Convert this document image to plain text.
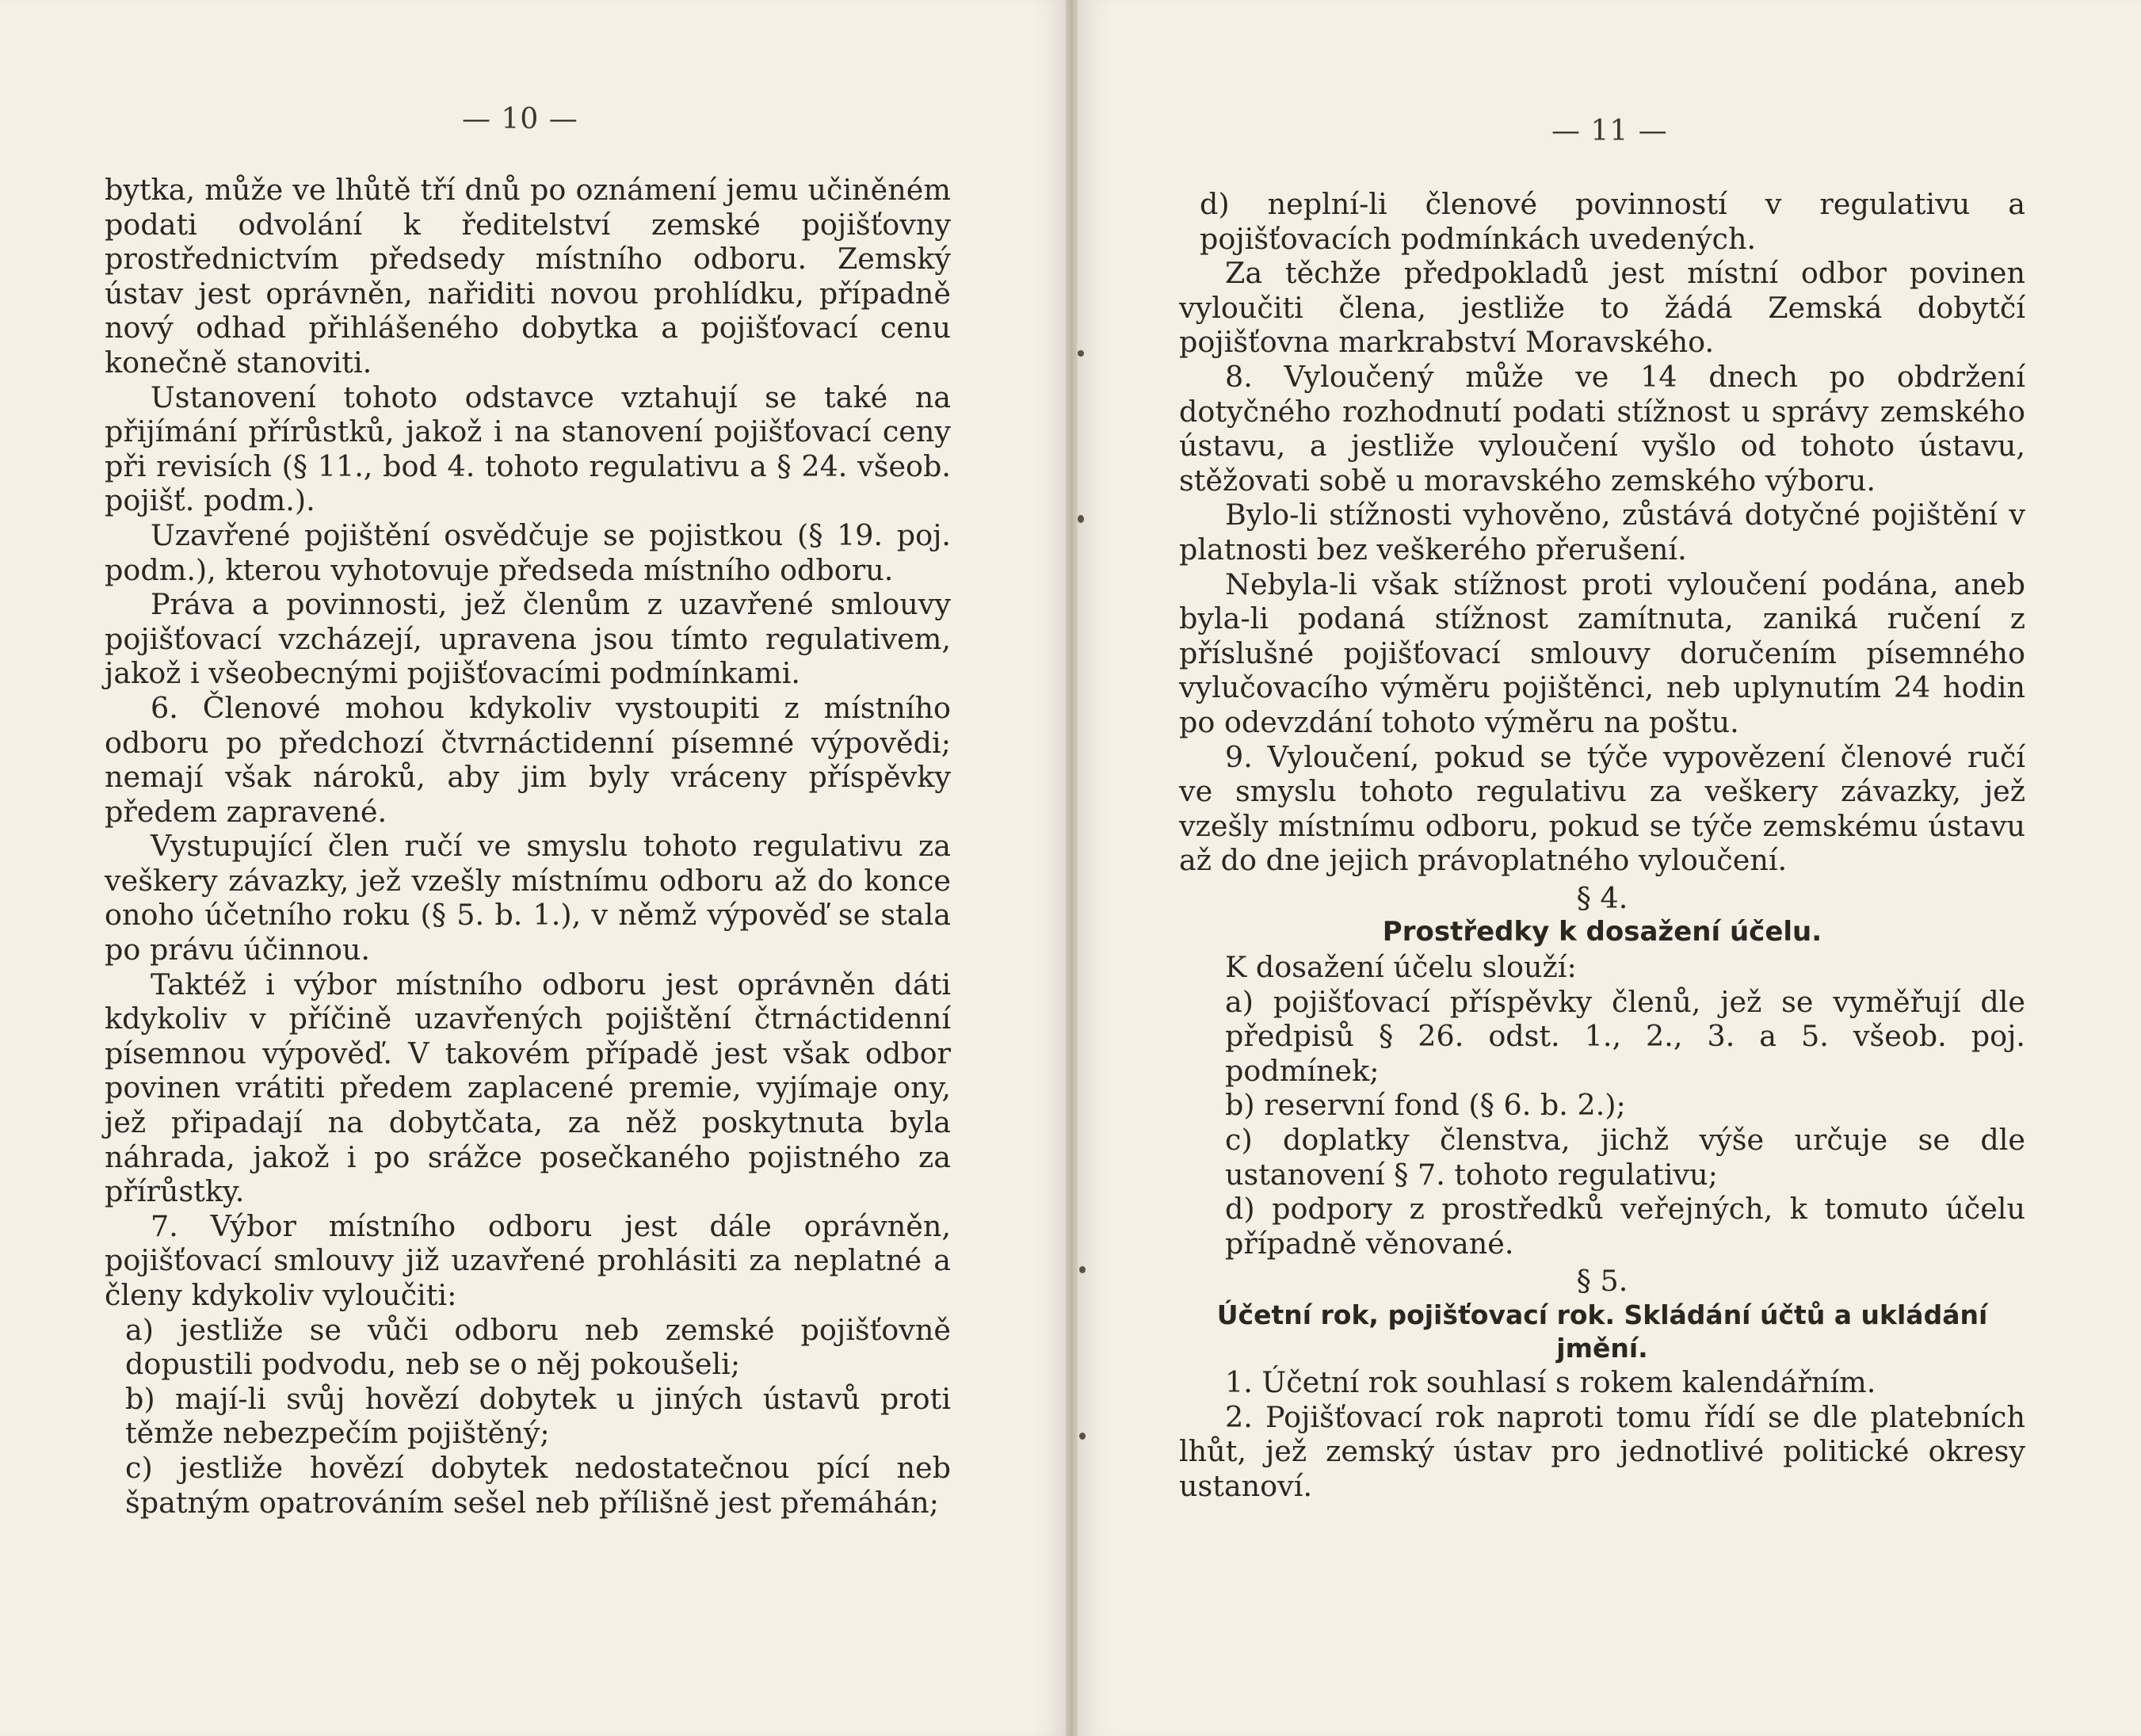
— 10 —

bytka, může ve lhůtě tří dnů po oznámení jemu učiněném podati odvolání k ředitelství zemské pojišťovny prostřednictvím předsedy místního odboru. Zemský ústav jest oprávněn, nařiditi novou prohlídku, případně nový odhad přihlášeného dobytka a pojišťovací cenu konečně stanoviti.

Ustanovení tohoto odstavce vztahují se také na přijímání přírůstků, jakož i na stanovení pojišťovací ceny při revisích (§ 11., bod 4. tohoto regulativu a § 24. všeob. pojišť. podm.).

Uzavřené pojištění osvědčuje se pojistkou (§ 19. poj. podm.), kterou vyhotovuje předseda místního odboru.

Práva a povinnosti, jež členům z uzavřené smlouvy pojišťovací vzcházejí, upravena jsou tímto regulativem, jakož i všeobecnými pojišťovacími podmínkami.

6. Členové mohou kdykoliv vystoupiti z místního odboru po předchozí čtvrnáctidenní písemné výpovědi; nemají však nároků, aby jim byly vráceny příspěvky předem zapravené.

Vystupující člen ručí ve smyslu tohoto regulativu za veškery závazky, jež vzešly místnímu odboru až do konce onoho účetního roku (§ 5. b. 1.), v němž výpověď se stala po právu účinnou.

Taktéž i výbor místního odboru jest oprávněn dáti kdykoliv v příčině uzavřených pojištění čtrnáctidenní písemnou výpověď. V takovém případě jest však odbor povinen vrátiti předem zaplacené premie, vyjímaje ony, jež připadají na dobytčata, za něž poskytnuta byla náhrada, jakož i po srážce posečkaného pojistného za přírůstky.

7. Výbor místního odboru jest dále oprávněn, pojišťovací smlouvy již uzavřené prohlásiti za neplatné a členy kdykoliv vyloučiti:

a) jestliže se vůči odboru neb zemské pojišťovně dopustili podvodu, neb se o něj pokoušeli;

b) mají-li svůj hovězí dobytek u jiných ústavů proti těmže nebezpečím pojištěný;

c) jestliže hovězí dobytek nedostatečnou pící neb špatným opatrováním sešel neb přílišně jest přemáhán;

— 11 —

d) neplní-li členové povinností v regulativu a pojišťovacích podmínkách uvedených.

Za těchže předpokladů jest místní odbor povinen vyloučiti člena, jestliže to žádá Zemská dobytčí pojišťovna markrabství Moravského.

8. Vyloučený může ve 14 dnech po obdržení dotyčného rozhodnutí podati stížnost u správy zemského ústavu, a jestliže vyloučení vyšlo od tohoto ústavu, stěžovati sobě u moravského zemského výboru.

Bylo-li stížnosti vyhověno, zůstává dotyčné pojištění v platnosti bez veškerého přerušení.

Nebyla-li však stížnost proti vyloučení podána, aneb byla-li podaná stížnost zamítnuta, zaniká ručení z příslušné pojišťovací smlouvy doručením písemného vylučovacího výměru pojištěnci, neb uplynutím 24 hodin po odevzdání tohoto výměru na poštu.

9. Vyloučení, pokud se týče vypovězení členové ručí ve smyslu tohoto regulativu za veškery závazky, jež vzešly místnímu odboru, pokud se týče zemskému ústavu až do dne jejich právoplatného vyloučení.

§ 4.

Prostředky k dosažení účelu.

K dosažení účelu slouží:

a) pojišťovací příspěvky členů, jež se vyměřují dle předpisů § 26. odst. 1., 2., 3. a 5. všeob. poj. podmínek;

b) reservní fond (§ 6. b. 2.);

c) doplatky členstva, jichž výše určuje se dle ustanovení § 7. tohoto regulativu;

d) podpory z prostředků veřejných, k tomuto účelu případně věnované.

§ 5.

Účetní rok, pojišťovací rok. Skládání účtů a ukládání jmění.

1. Účetní rok souhlasí s rokem kalendářním.

2. Pojišťovací rok naproti tomu řídí se dle platebních lhůt, jež zemský ústav pro jednotlivé politické okresy ustanoví.
